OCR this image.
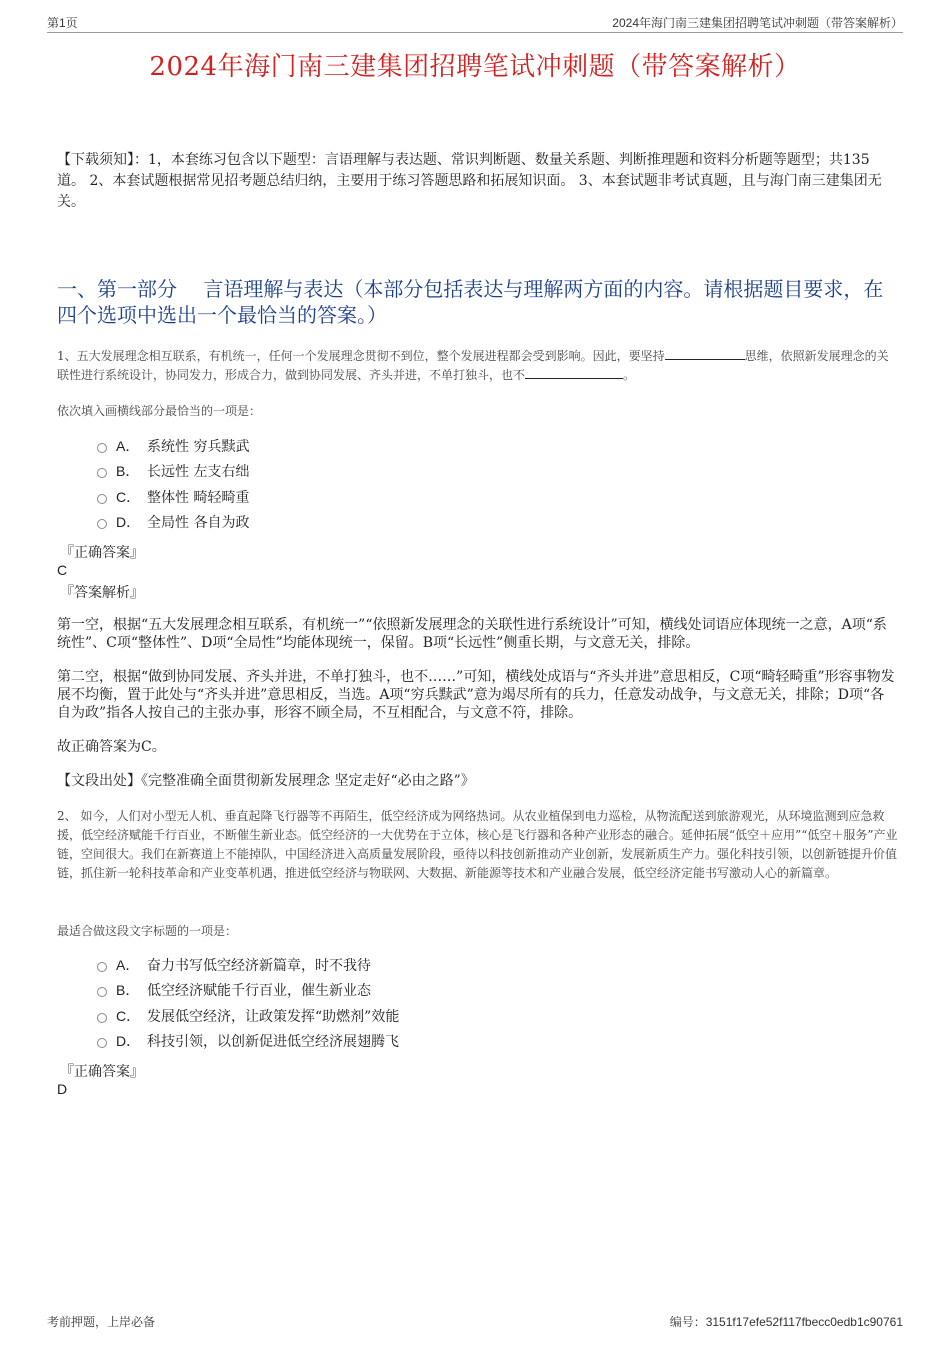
第1页	2024年海门南三建集团招聘笔试冲刺题（带答案解析）
2024年海门南三建集团招聘笔试冲刺题（带答案解析）
【下载须知】：1，本套练习包含以下题型：言语理解与表达题、常识判断题、数量关系题、判断推理题和资料分析题等题型；共135道。 2、本套试题根据常见招考题总结归纳，主要用于练习答题思路和拓展知识面。 3、本套试题非考试真题，且与海门南三建集团无关。
一、第一部分　 言语理解与表达（本部分包括表达与理解两方面的内容。请根据题目要求，在四个选项中选出一个最恰当的答案。）
1、五大发展理念相互联系，有机统一，任何一个发展理念贯彻不到位，整个发展进程都会受到影响。因此，要坚持	思维，依照新发展理念的关联性进行系统设计，协同发力，形成合力，做到协同发展、齐头并进，不单打独斗，也不	。
依次填入画横线部分最恰当的一项是：
A． 系统性 穷兵黩武
B． 长远性 左支右绌
C． 整体性 畸轻畸重
D． 全局性 各自为政
『正确答案』
C
『答案解析』
第一空，根据“五大发展理念相互联系，有机统一”“依照新发展理念的关联性进行系统设计”可知，横线处词语应体现统一之意，A项“系统性”、C项“整体性”、D项“全局性”均能体现统一，保留。B项“长远性”侧重长期，与文意无关，排除。
第二空，根据“做到协同发展、齐头并进，不单打独斗，也不……”可知，横线处成语与“齐头并进”意思相反，C项“畸轻畸重”形容事物发展不均衡，置于此处与“齐头并进”意思相反，当选。A项“穷兵黩武”意为竭尽所有的兵力，任意发动战争，与文意无关，排除；D项“各自为政”指各人按自己的主张办事，形容不顾全局，不互相配合，与文意不符，排除。
故正确答案为C。
【文段出处】《完整准确全面贯彻新发展理念 坚定走好“必由之路”》
2、 如今，人们对小型无人机、垂直起降飞行器等不再陌生，低空经济成为网络热词。从农业植保到电力巡检，从物流配送到旅游观光，从环境监测到应急救援，低空经济赋能千行百业，不断催生新业态。低空经济的一大优势在于立体，核心是飞行器和各种产业形态的融合。延伸拓展“低空＋应用”“低空＋服务”产业链，空间很大。我们在新赛道上不能掉队，中国经济进入高质量发展阶段，亟待以科技创新推动产业创新，发展新质生产力。强化科技引领，以创新链提升价值链，抓住新一轮科技革命和产业变革机遇，推进低空经济与物联网、大数据、新能源等技术和产业融合发展，低空经济定能书写激动人心的新篇章。
最适合做这段文字标题的一项是：
A． 奋力书写低空经济新篇章，时不我待
B． 低空经济赋能千行百业，催生新业态
C． 发展低空经济，让政策发挥“助燃剂”效能
D． 科技引领，以创新促进低空经济展翅腾飞
『正确答案』
D
考前押题，上岸必备	编号：3151f17efe52f117fbecc0edb1c90761
